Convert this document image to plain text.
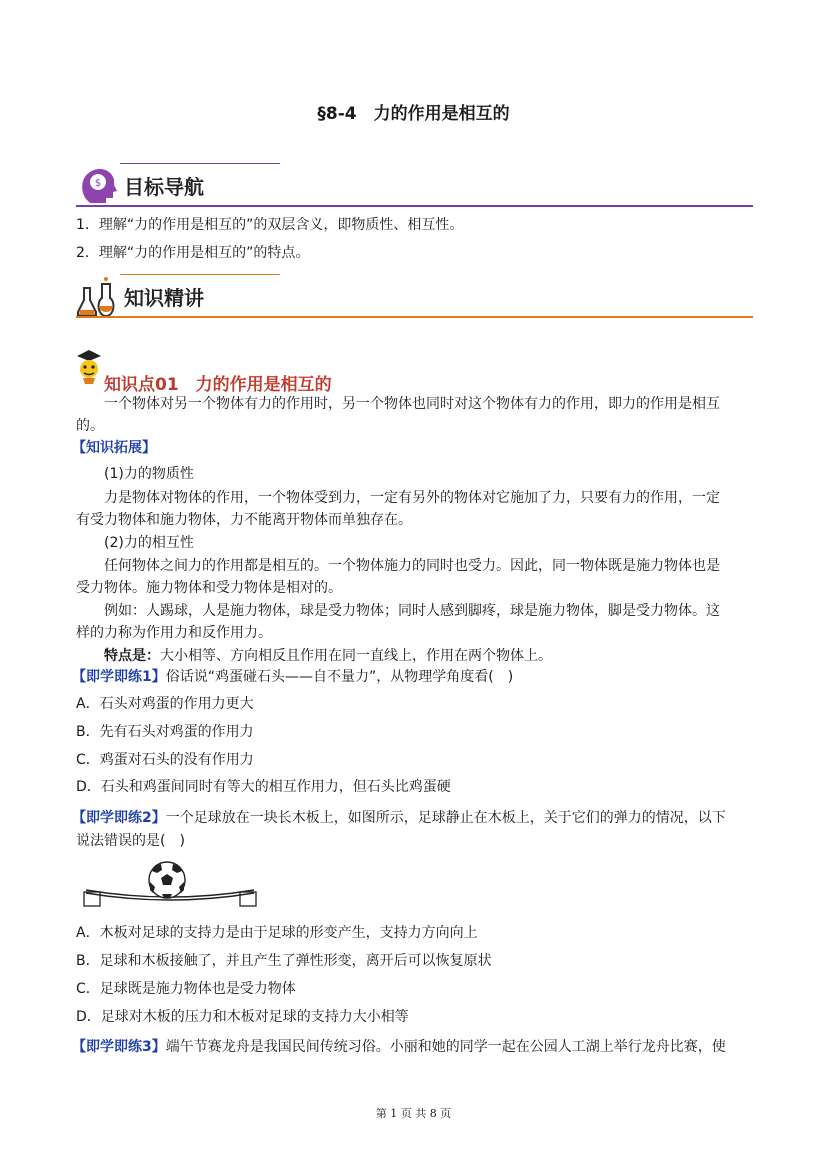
§8-4　力的作用是相互的
$ 目标导航
1．理解“力的作用是相互的”的双层含义，即物质性、相互性。
2．理解“力的作用是相互的”的特点。
知识精讲
知识点01　力的作用是相互的
一个物体对另一个物体有力的作用时，另一个物体也同时对这个物体有力的作用，即力的作用是相互
的。
【知识拓展】
(1)力的物质性
力是物体对物体的作用，一个物体受到力，一定有另外的物体对它施加了力，只要有力的作用，一定
有受力物体和施力物体，力不能离开物体而单独存在。
(2)力的相互性
任何物体之间力的作用都是相互的。一个物体施力的同时也受力。因此，同一物体既是施力物体也是
受力物体。施力物体和受力物体是相对的。
例如：人踢球，人是施力物体，球是受力物体；同时人感到脚疼，球是施力物体，脚是受力物体。这
样的力称为作用力和反作用力。
特点是：大小相等、方向相反且作用在同一直线上，作用在两个物体上。
【即学即练1】俗话说“鸡蛋碰石头——自不量力”，从物理学角度看(　)
A．石头对鸡蛋的作用力更大
B．先有石头对鸡蛋的作用力
C．鸡蛋对石头的没有作用力
D．石头和鸡蛋间同时有等大的相互作用力，但石头比鸡蛋硬
【即学即练2】一个足球放在一块长木板上，如图所示，足球静止在木板上，关于它们的弹力的情况，以下
说法错误的是(　)
A．木板对足球的支持力是由于足球的形变产生，支持力方向向上
B．足球和木板接触了，并且产生了弹性形变，离开后可以恢复原状
C．足球既是施力物体也是受力物体
D．足球对木板的压力和木板对足球的支持力大小相等
【即学即练3】端午节赛龙舟是我国民间传统习俗。小丽和她的同学一起在公园人工湖上举行龙舟比赛，使
第 1 页 共 8 页
